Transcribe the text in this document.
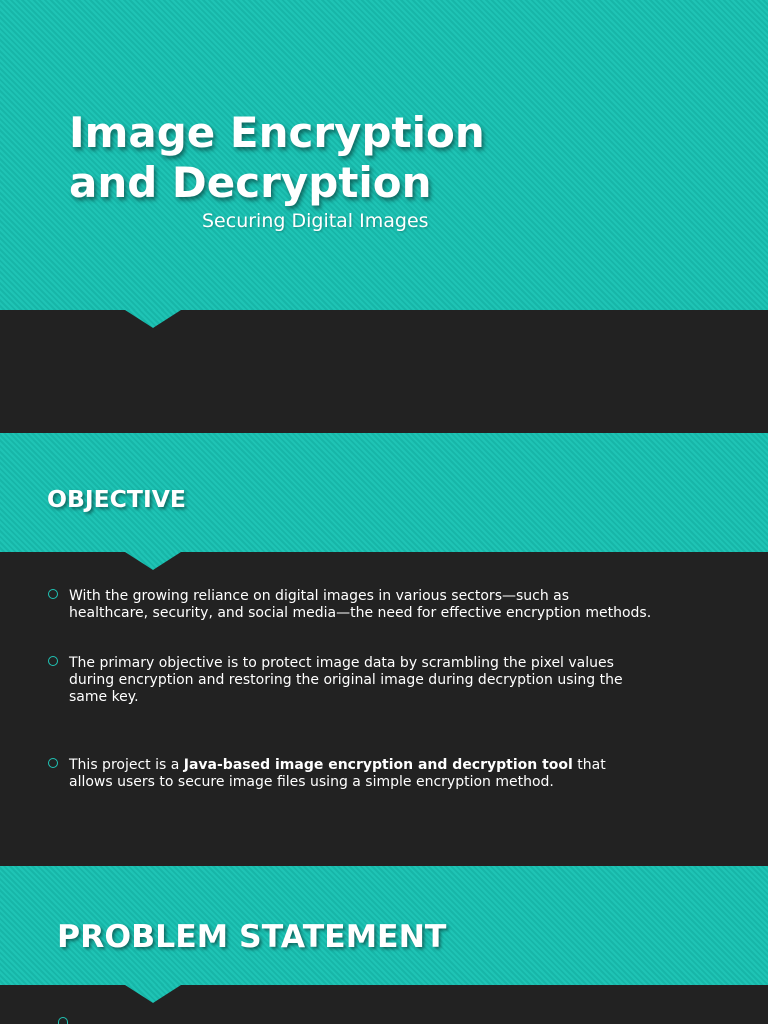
Image Encryption
and Decryption
Securing Digital Images
OBJECTIVE
With the growing reliance on digital images in various sectors—such as
healthcare, security, and social media—the need for effective encryption methods.
The primary objective is to protect image data by scrambling the pixel values
during encryption and restoring the original image during decryption using the
same key.
This project is a Java-based image encryption and decryption tool that
allows users to secure image files using a simple encryption method.
PROBLEM STATEMENT
